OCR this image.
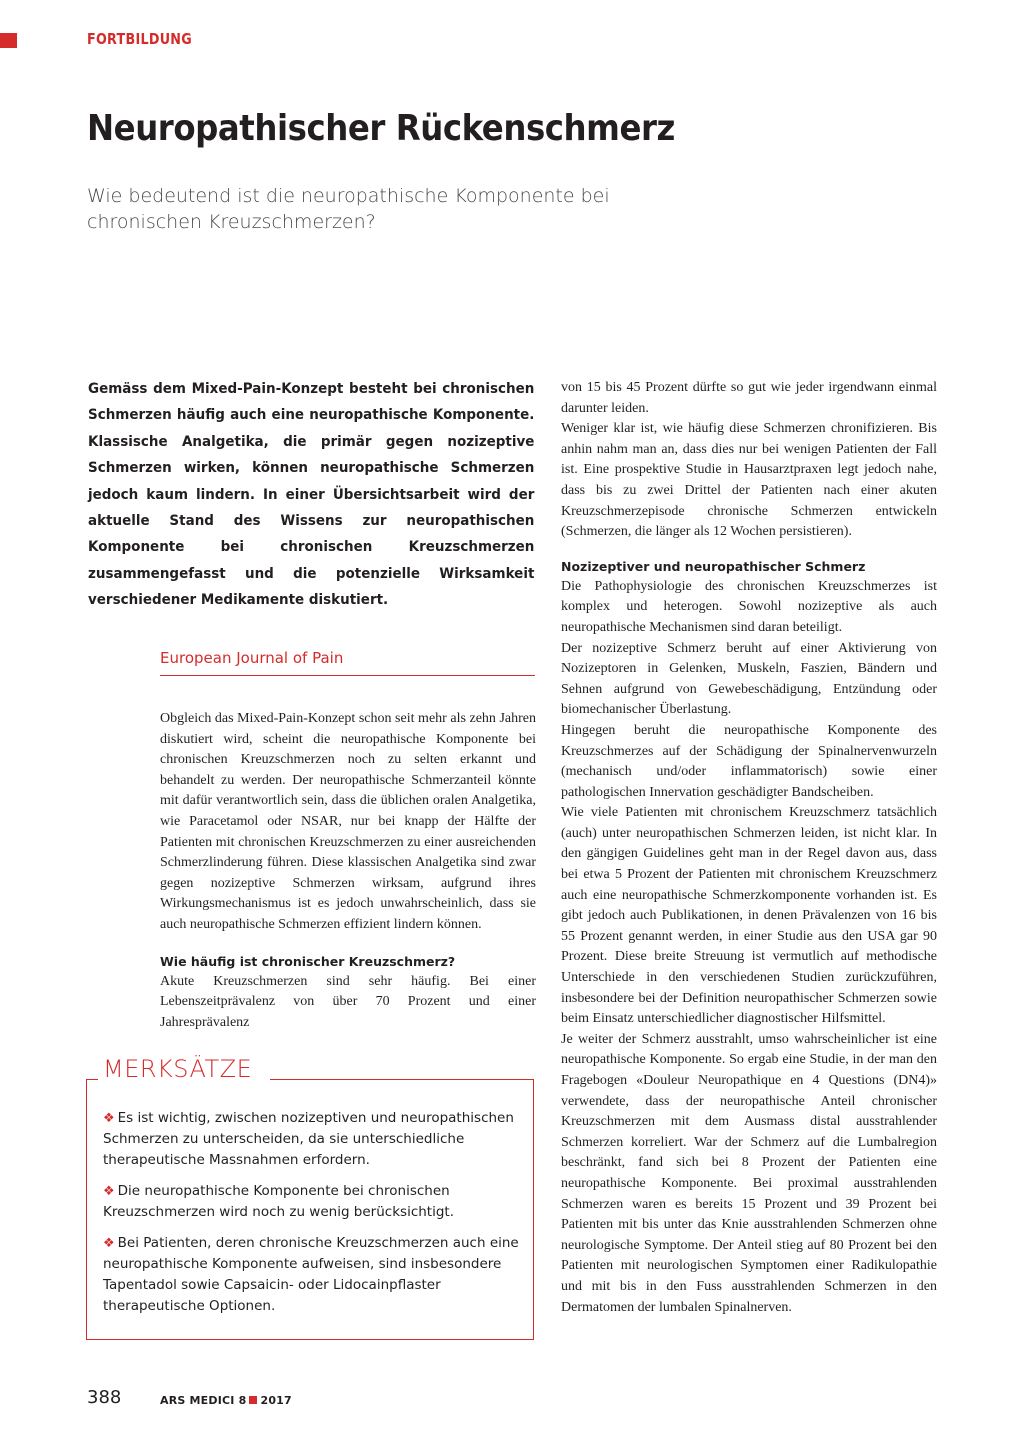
FORTBILDUNG
Neuropathischer Rückenschmerz
Wie bedeutend ist die neuropathische Komponente bei chronischen Kreuzschmerzen?
Gemäss dem Mixed-Pain-Konzept besteht bei chronischen Schmerzen häufig auch eine neuropathische Komponente. Klassische Analgetika, die primär gegen nozizeptive Schmerzen wirken, können neuropathische Schmerzen jedoch kaum lindern. In einer Übersichtsarbeit wird der aktuelle Stand des Wissens zur neuropathischen Komponente bei chronischen Kreuzschmerzen zusammengefasst und die potenzielle Wirksamkeit verschiedener Medikamente diskutiert.
European Journal of Pain

Obgleich das Mixed-Pain-Konzept schon seit mehr als zehn Jahren diskutiert wird, scheint die neuropathische Komponente bei chronischen Kreuzschmerzen noch zu selten erkannt und behandelt zu werden. Der neuropathische Schmerzanteil könnte mit dafür verantwortlich sein, dass die üblichen oralen Analgetika, wie Paracetamol oder NSAR, nur bei knapp der Hälfte der Patienten mit chronischen Kreuzschmerzen zu einer ausreichenden Schmerzlinderung führen. Diese klassischen Analgetika sind zwar gegen nozizeptive Schmerzen wirksam, aufgrund ihres Wirkungsmechanismus ist es jedoch unwahrscheinlich, dass sie auch neuropathische Schmerzen effizient lindern können.

Wie häufig ist chronischer Kreuzschmerz?

Akute Kreuzschmerzen sind sehr häufig. Bei einer Lebenszeitprävalenz von über 70 Prozent und einer Jahresprävalenz

von 15 bis 45 Prozent dürfte so gut wie jeder irgendwann einmal darunter leiden.

Weniger klar ist, wie häufig diese Schmerzen chronifizieren. Bis anhin nahm man an, dass dies nur bei wenigen Patienten der Fall ist. Eine prospektive Studie in Hausarztpraxen legt jedoch nahe, dass bis zu zwei Drittel der Patienten nach einer akuten Kreuzschmerzepisode chronische Schmerzen entwickeln (Schmerzen, die länger als 12 Wochen persistieren).

Nozizeptiver und neuropathischer Schmerz

Die Pathophysiologie des chronischen Kreuzschmerzes ist komplex und heterogen. Sowohl nozizeptive als auch neuropathische Mechanismen sind daran beteiligt.

Der nozizeptive Schmerz beruht auf einer Aktivierung von Nozizeptoren in Gelenken, Muskeln, Faszien, Bändern und Sehnen aufgrund von Gewebeschädigung, Entzündung oder biomechanischer Überlastung.

Hingegen beruht die neuropathische Komponente des Kreuzschmerzes auf der Schädigung der Spinalnervenwurzeln (mechanisch und/oder inflammatorisch) sowie einer pathologischen Innervation geschädigter Bandscheiben.

Wie viele Patienten mit chronischem Kreuzschmerz tatsächlich (auch) unter neuropathischen Schmerzen leiden, ist nicht klar. In den gängigen Guidelines geht man in der Regel davon aus, dass bei etwa 5 Prozent der Patienten mit chronischem Kreuzschmerz auch eine neuropathische Schmerzkomponente vorhanden ist. Es gibt jedoch auch Publikationen, in denen Prävalenzen von 16 bis 55 Prozent genannt werden, in einer Studie aus den USA gar 90 Prozent. Diese breite Streuung ist vermutlich auf methodische Unterschiede in den verschiedenen Studien zurückzuführen, insbesondere bei der Definition neuropathischer Schmerzen sowie beim Einsatz unterschiedlicher diagnostischer Hilfsmittel.

Je weiter der Schmerz ausstrahlt, umso wahrscheinlicher ist eine neuropathische Komponente. So ergab eine Studie, in der man den Fragebogen «Douleur Neuropathique en 4 Questions (DN4)» verwendete, dass der neuropathische Anteil chronischer Kreuzschmerzen mit dem Ausmass distal ausstrahlender Schmerzen korreliert. War der Schmerz auf die Lumbalregion beschränkt, fand sich bei 8 Prozent der Patienten eine neuropathische Komponente. Bei proximal ausstrahlenden Schmerzen waren es bereits 15 Prozent und 39 Prozent bei Patienten mit bis unter das Knie ausstrahlenden Schmerzen ohne neurologische Symptome. Der Anteil stieg auf 80 Prozent bei den Patienten mit neurologischen Symptomen einer Radikulopathie und mit bis in den Fuss ausstrahlenden Schmerzen in den Dermatomen der lumbalen Spinalnerven.

MERKSÄTZE
❖ Es ist wichtig, zwischen nozizeptiven und neuropathischen Schmerzen zu unterscheiden, da sie unterschiedliche therapeutische Massnahmen erfordern.
❖ Die neuropathische Komponente bei chronischen Kreuzschmerzen wird noch zu wenig berücksichtigt.
❖ Bei Patienten, deren chronische Kreuzschmerzen auch eine neuropathische Komponente aufweisen, sind insbesondere Tapentadol sowie Capsaicin- oder Lidocainpflaster therapeutische Optionen.
388	ARS MEDICI 8 2017
